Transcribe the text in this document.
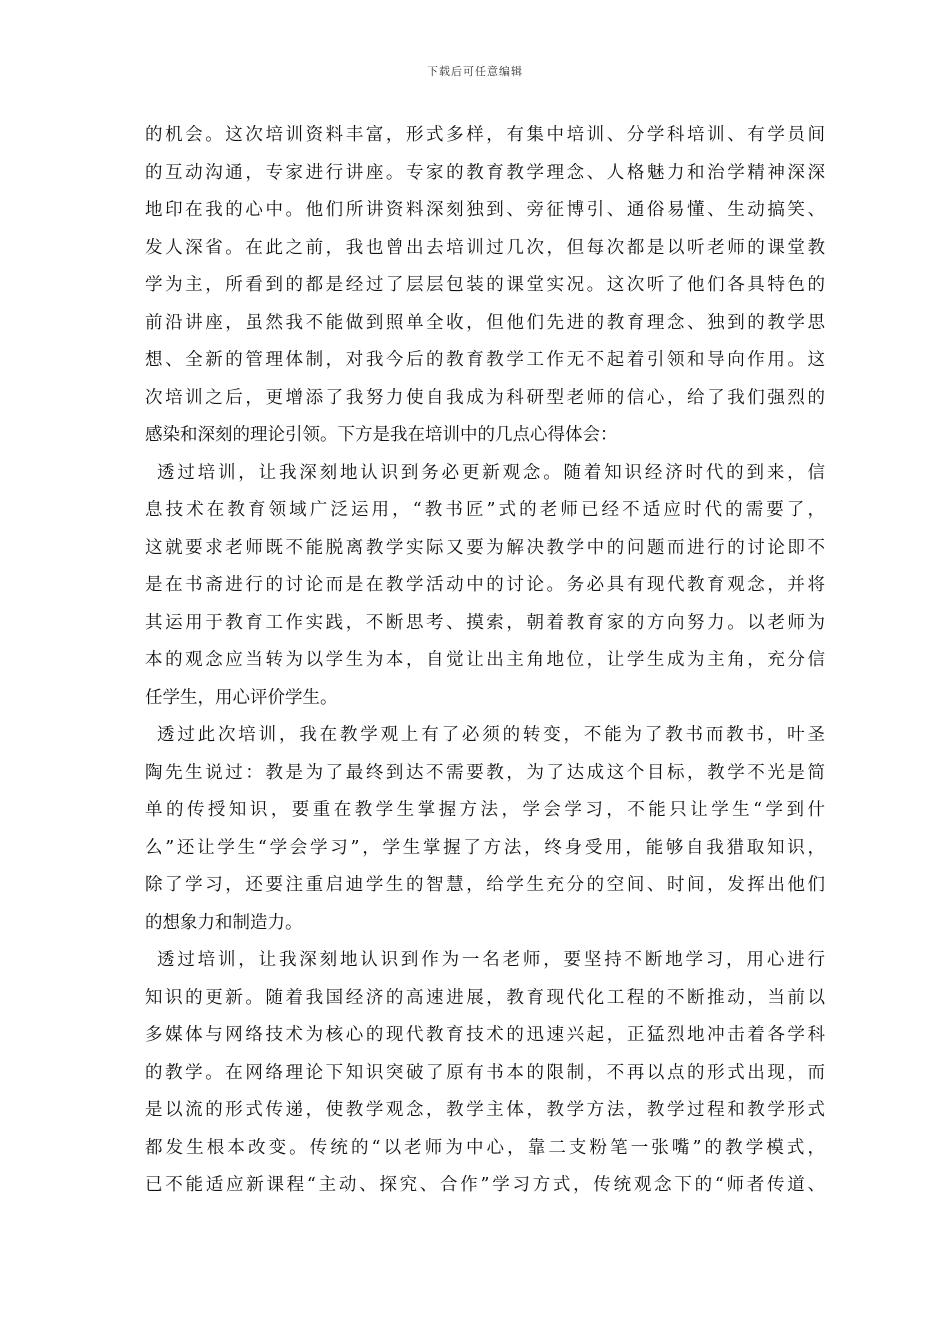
下载后可任意编辑
的机会。这次培训资料丰富，形式多样，有集中培训、分学科培训、有学员间
的互动沟通，专家进行讲座。专家的教育教学理念、人格魅力和治学精神深深
地印在我的心中。他们所讲资料深刻独到、旁征博引、通俗易懂、生动搞笑、
发人深省。在此之前，我也曾出去培训过几次，但每次都是以听老师的课堂教
学为主，所看到的都是经过了层层包装的课堂实况。这次听了他们各具特色的
前沿讲座，虽然我不能做到照单全收，但他们先进的教育理念、独到的教学思
想、全新的管理体制，对我今后的教育教学工作无不起着引领和导向作用。这
次培训之后，更增添了我努力使自我成为科研型老师的信心，给了我们强烈的
感染和深刻的理论引领。下方是我在培训中的几点心得体会：
透过培训，让我深刻地认识到务必更新观念。随着知识经济时代的到来，信
息技术在教育领域广泛运用，“教书匠”式的老师已经不适应时代的需要了，
这就要求老师既不能脱离教学实际又要为解决教学中的问题而进行的讨论即不
是在书斋进行的讨论而是在教学活动中的讨论。务必具有现代教育观念，并将
其运用于教育工作实践，不断思考、摸索，朝着教育家的方向努力。以老师为
本的观念应当转为以学生为本，自觉让出主角地位，让学生成为主角，充分信
任学生，用心评价学生。
透过此次培训，我在教学观上有了必须的转变，不能为了教书而教书，叶圣
陶先生说过：教是为了最终到达不需要教，为了达成这个目标，教学不光是简
单的传授知识，要重在教学生掌握方法，学会学习，不能只让学生“学到什
么”还让学生“学会学习”，学生掌握了方法，终身受用，能够自我猎取知识，
除了学习，还要注重启迪学生的智慧，给学生充分的空间、时间，发挥出他们
的想象力和制造力。
透过培训，让我深刻地认识到作为一名老师，要坚持不断地学习，用心进行
知识的更新。随着我国经济的高速进展，教育现代化工程的不断推动，当前以
多媒体与网络技术为核心的现代教育技术的迅速兴起，正猛烈地冲击着各学科
的教学。在网络理论下知识突破了原有书本的限制，不再以点的形式出现，而
是以流的形式传递，使教学观念，教学主体，教学方法，教学过程和教学形式
都发生根本改变。传统的“以老师为中心，靠二支粉笔一张嘴”的教学模式，
已不能适应新课程“主动、探究、合作”学习方式，传统观念下的“师者传道、
